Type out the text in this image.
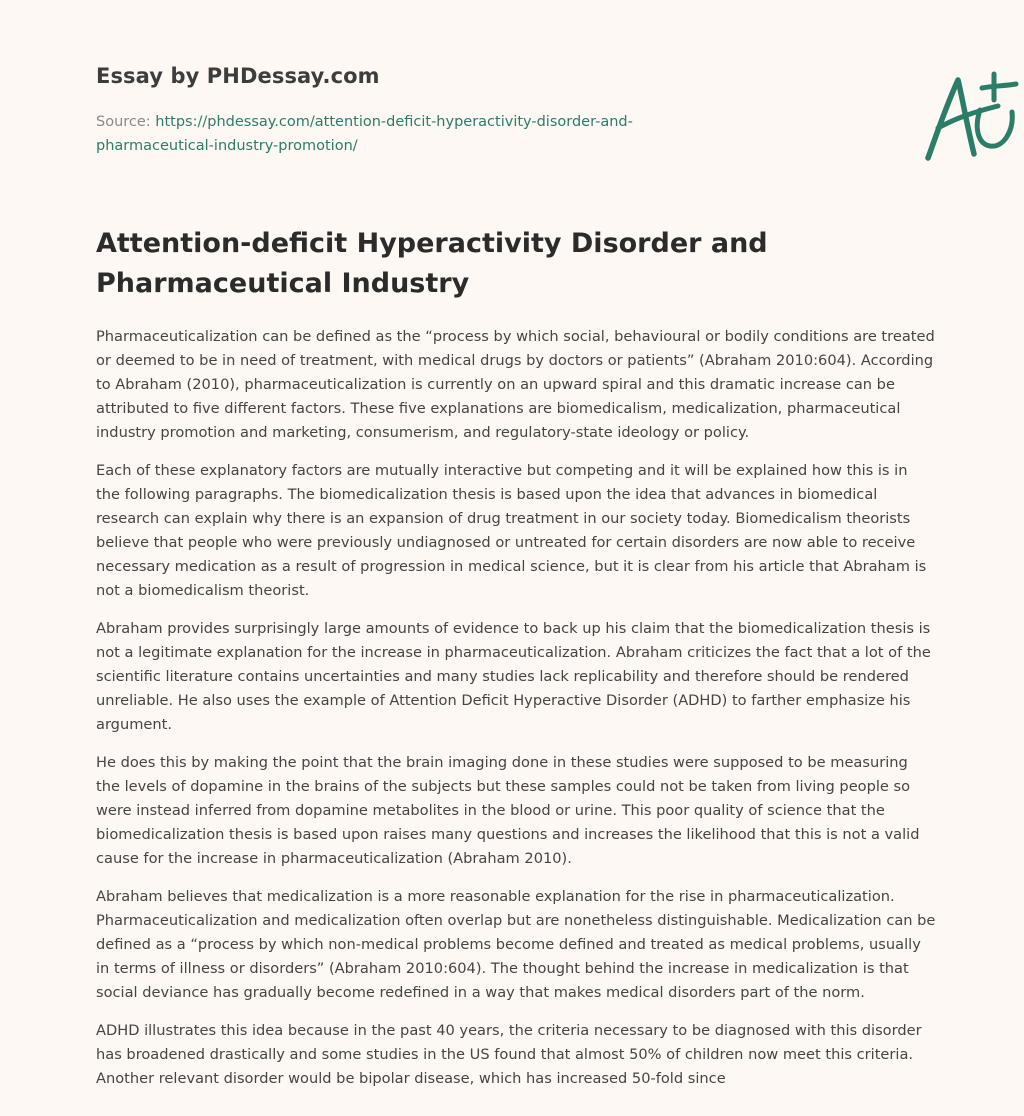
Essay by PHDessay.com
Source: https://phdessay.com/attention-deficit-hyperactivity-disorder-and-pharmaceutical-industry-promotion/
Attention-deficit Hyperactivity Disorder and Pharmaceutical Industry

Pharmaceuticalization can be defined as the “process by which social, behavioural or bodily conditions are treated or deemed to be in need of treatment, with medical drugs by doctors or patients” (Abraham 2010:604). According to Abraham (2010), pharmaceuticalization is currently on an upward spiral and this dramatic increase can be attributed to five different factors. These five explanations are biomedicalism, medicalization, pharmaceutical industry promotion and marketing, consumerism, and regulatory-state ideology or policy.

Each of these explanatory factors are mutually interactive but competing and it will be explained how this is in the following paragraphs. The biomedicalization thesis is based upon the idea that advances in biomedical research can explain why there is an expansion of drug treatment in our society today. Biomedicalism theorists believe that people who were previously undiagnosed or untreated for certain disorders are now able to receive necessary medication as a result of progression in medical science, but it is clear from his article that Abraham is not a biomedicalism theorist.

Abraham provides surprisingly large amounts of evidence to back up his claim that the biomedicalization thesis is not a legitimate explanation for the increase in pharmaceuticalization. Abraham criticizes the fact that a lot of the scientific literature contains uncertainties and many studies lack replicability and therefore should be rendered unreliable. He also uses the example of Attention Deficit Hyperactive Disorder (ADHD) to farther emphasize his argument.

He does this by making the point that the brain imaging done in these studies were supposed to be measuring the levels of dopamine in the brains of the subjects but these samples could not be taken from living people so were instead inferred from dopamine metabolites in the blood or urine. This poor quality of science that the biomedicalization thesis is based upon raises many questions and increases the likelihood that this is not a valid cause for the increase in pharmaceuticalization (Abraham 2010).

Abraham believes that medicalization is a more reasonable explanation for the rise in pharmaceuticalization. Pharmaceuticalization and medicalization often overlap but are nonetheless distinguishable. Medicalization can be defined as a “process by which non-medical problems become defined and treated as medical problems, usually in terms of illness or disorders” (Abraham 2010:604). The thought behind the increase in medicalization is that social deviance has gradually become redefined in a way that makes medical disorders part of the norm.

ADHD illustrates this idea because in the past 40 years, the criteria necessary to be diagnosed with this disorder has broadened drastically and some studies in the US found that almost 50% of children now meet this criteria. Another relevant disorder would be bipolar disease, which has increased 50-fold since
